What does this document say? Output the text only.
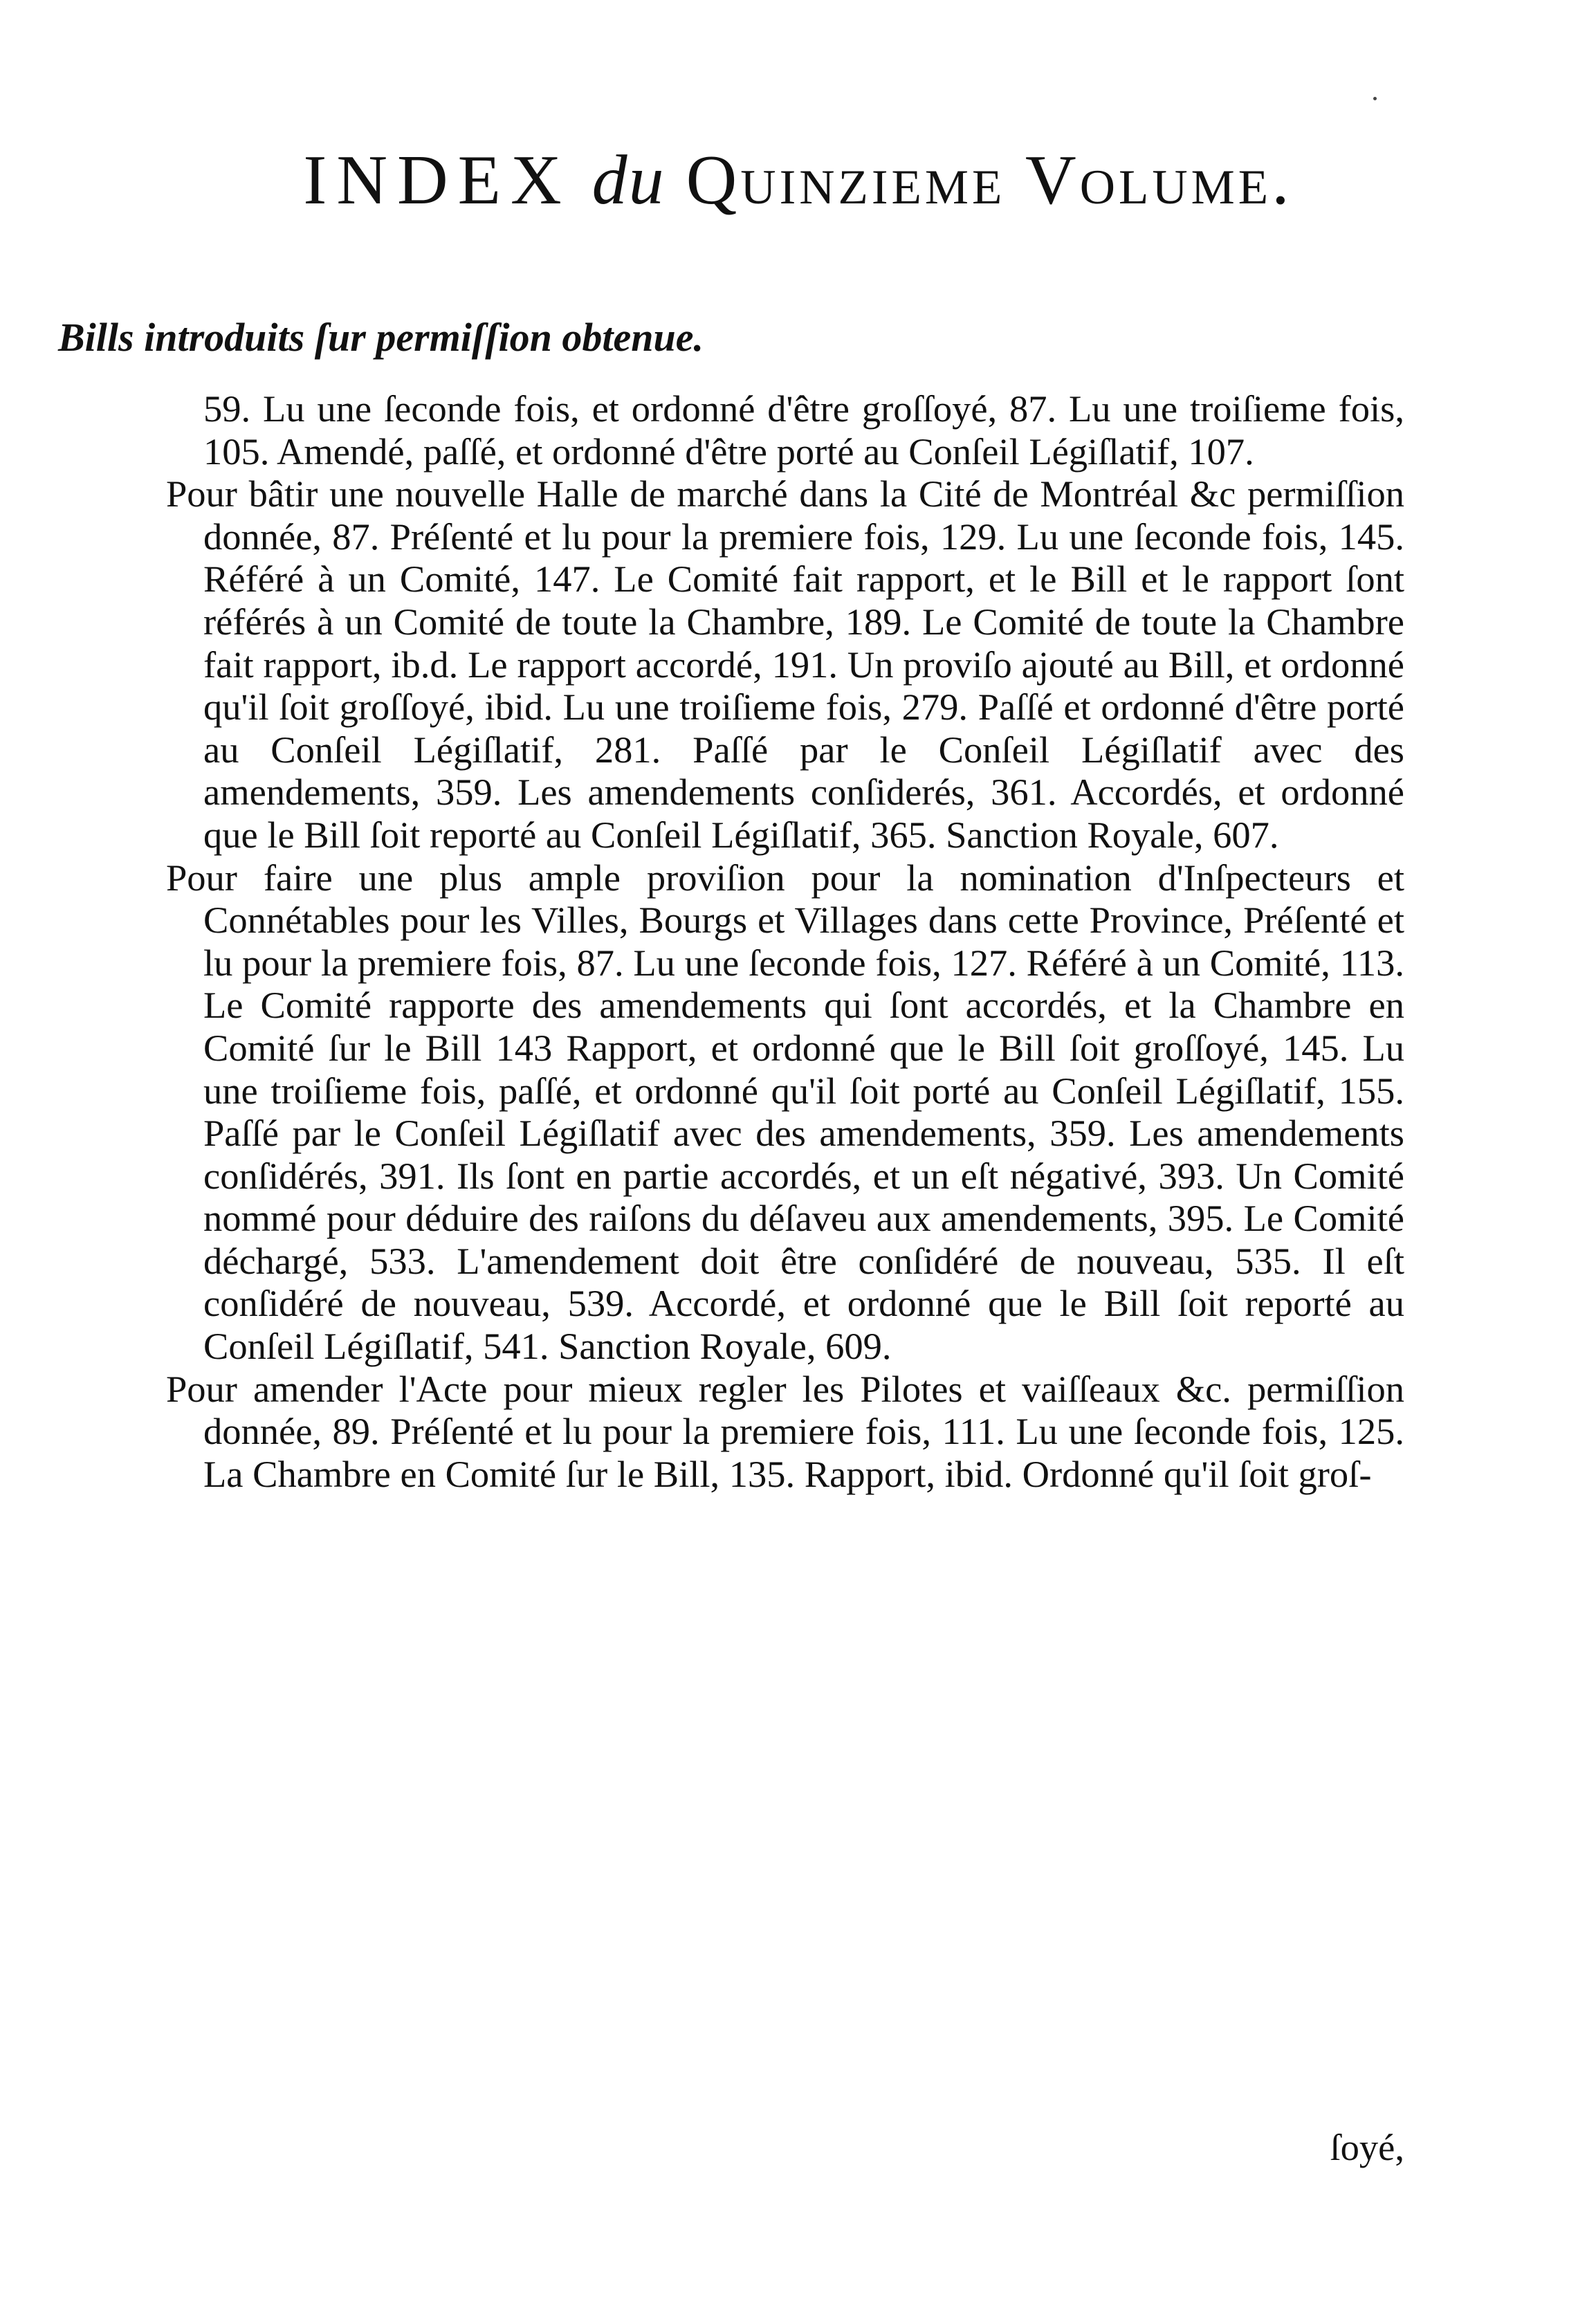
INDEX du Quinzieme Volume.
Bills introduits ſur permiſſion obtenue.

59. Lu une ſeconde fois, et ordonné d'être groſſoyé, 87. Lu une troiſieme fois, 105. Amendé, paſſé, et ordonné d'être porté au Conſeil Légiſlatif, 107.

Pour bâtir une nouvelle Halle de marché dans la Cité de Montréal &c permiſſion donnée, 87. Préſenté et lu pour la premiere fois, 129. Lu une ſeconde fois, 145. Référé à un Comité, 147. Le Comité fait rapport, et le Bill et le rapport ſont référés à un Comité de toute la Chambre, 189. Le Comité de toute la Chambre fait rapport, ib.d. Le rapport accordé, 191. Un proviſo ajouté au Bill, et ordonné qu'il ſoit groſſoyé, ibid. Lu une troiſieme fois, 279. Paſſé et ordonné d'être porté au Conſeil Légiſlatif, 281. Paſſé par le Conſeil Légiſlatif avec des amendements, 359. Les amendements conſiderés, 361. Accordés, et ordonné que le Bill ſoit reporté au Conſeil Légiſlatif, 365. Sanction Royale, 607.

Pour faire une plus ample proviſion pour la nomination d'Inſpecteurs et Connétables pour les Villes, Bourgs et Villages dans cette Province, Préſenté et lu pour la premiere fois, 87. Lu une ſeconde fois, 127. Référé à un Comité, 113. Le Comité rapporte des amendements qui ſont accordés, et la Chambre en Comité ſur le Bill 143 Rapport, et ordonné que le Bill ſoit groſſoyé, 145. Lu une troiſieme fois, paſſé, et ordonné qu'il ſoit porté au Conſeil Légiſlatif, 155. Paſſé par le Conſeil Légiſlatif avec des amendements, 359. Les amendements conſidérés, 391. Ils ſont en partie accordés, et un eſt négativé, 393. Un Comité nommé pour déduire des raiſons du déſaveu aux amendements, 395. Le Comité déchargé, 533. L'amendement doit être conſidéré de nouveau, 535. Il eſt conſidéré de nouveau, 539. Accordé, et ordonné que le Bill ſoit reporté au Conſeil Légiſlatif, 541. Sanction Royale, 609.

Pour amender l'Acte pour mieux regler les Pilotes et vaiſſeaux &c. permiſſion donnée, 89. Préſenté et lu pour la premiere fois, 111. Lu une ſeconde fois, 125. La Chambre en Comité ſur le Bill, 135. Rapport, ibid. Ordonné qu'il ſoit groſ-

ſoyé,
